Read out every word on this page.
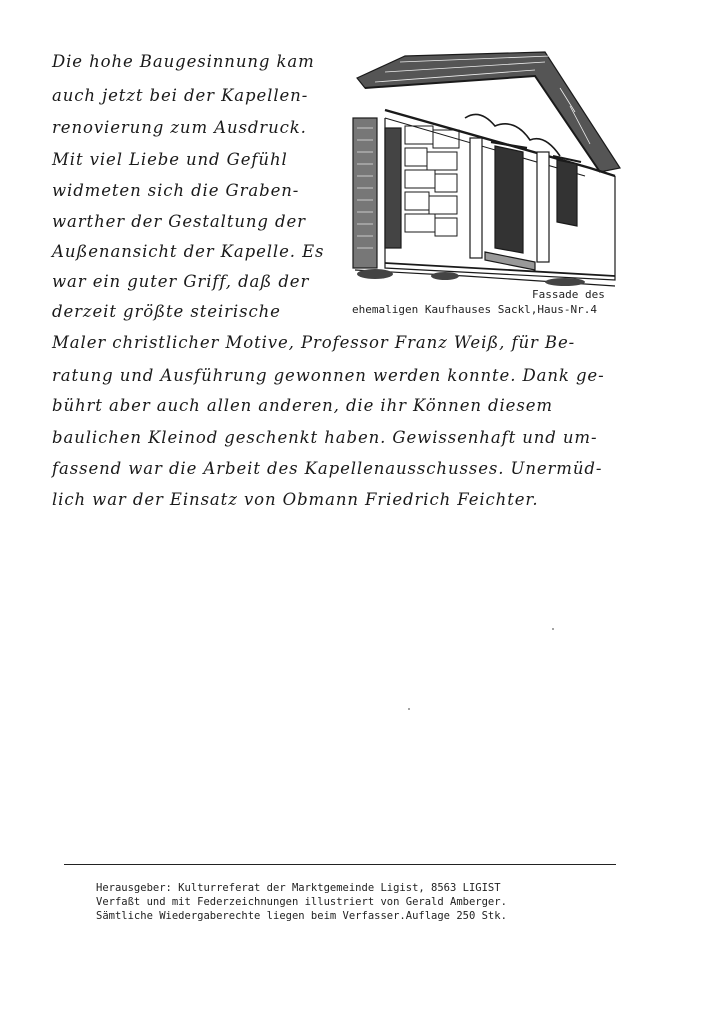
Die hohe Baugesinnung kam
auch jetzt bei der Kapellen-
renovierung zum Ausdruck.
Mit viel Liebe und Gefühl
widmeten sich die Graben-
warther der Gestaltung der
Außenansicht der Kapelle. Es
war ein guter Griff, daß der
derzeit größte steirische
Maler christlicher Motive, Professor Franz Weiß, für Be-
ratung und Ausführung gewonnen werden konnte. Dank ge-
bührt aber auch allen anderen, die ihr Können diesem
baulichen Kleinod geschenkt haben. Gewissenhaft und um-
fassend war die Arbeit des Kapellenausschusses. Unermüd-
lich war der Einsatz von Obmann Friedrich Feichter.
Fassade des
ehemaligen Kaufhauses Sackl,Haus-Nr.4
Herausgeber: Kulturreferat der Marktgemeinde Ligist, 8563 LIGIST
Verfaßt und mit Federzeichnungen illustriert von Gerald Amberger.
Sämtliche Wiedergaberechte liegen beim Verfasser.Auflage 250 Stk.
